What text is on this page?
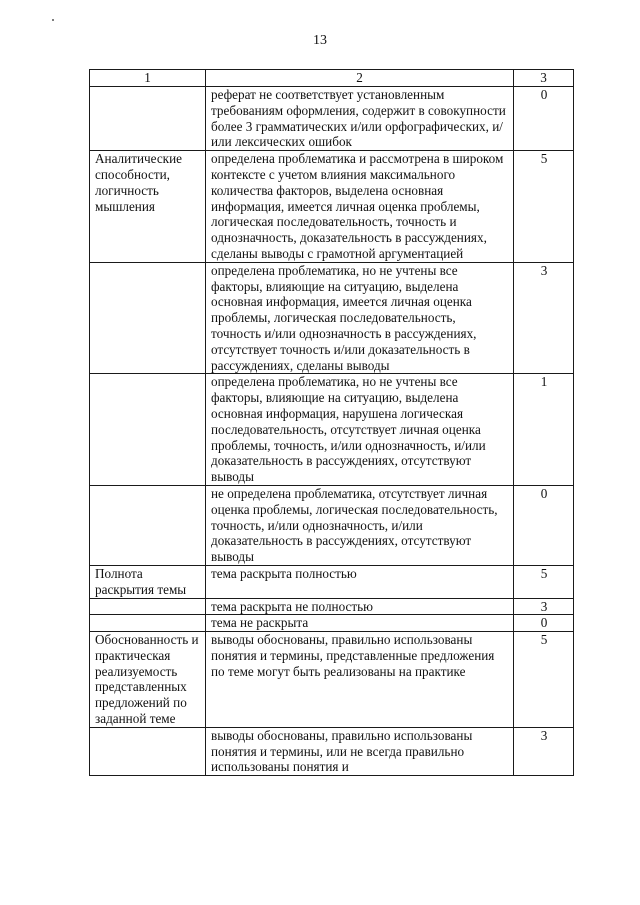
13
1	2	3
	реферат не соответствует установленным требованиям оформления, содержит в совокупности более 3 грамматических и/или орфографических, и/или лексических ошибок	0
Аналитические способности, логичность мышления	определена проблематика и рассмотрена в широком контексте с учетом влияния максимального количества факторов, выделена основная информация, имеется личная оценка проблемы, логическая последовательность, точность и однозначность, доказательность в рассуждениях, сделаны выводы с грамотной аргументацией	5
	определена проблематика, но не учтены все факторы, влияющие на ситуацию, выделена основная информация, имеется личная оценка проблемы, логическая последовательность, точность и/или однозначность в рассуждениях, отсутствует точность и/или доказательность в рассуждениях, сделаны выводы	3
	определена проблематика, но не учтены все факторы, влияющие на ситуацию, выделена основная информация, нарушена логическая последовательность, отсутствует личная оценка проблемы, точность, и/или однозначность, и/или доказательность в рассуждениях, отсутствуют выводы	1
	не определена проблематика, отсутствует личная оценка проблемы, логическая последовательность, точность, и/или однозначность, и/или доказательность в рассуждениях, отсутствуют выводы	0
Полнота раскрытия темы	тема раскрыта полностью	5
	тема раскрыта не полностью	3
	тема не раскрыта	0
Обоснованность и практическая реализуемость представленных предложений по заданной теме	выводы обоснованы, правильно использованы понятия и термины, представленные предложения по теме могут быть реализованы на практике	5
	выводы обоснованы, правильно использованы понятия и термины, или не всегда правильно использованы понятия и	3
